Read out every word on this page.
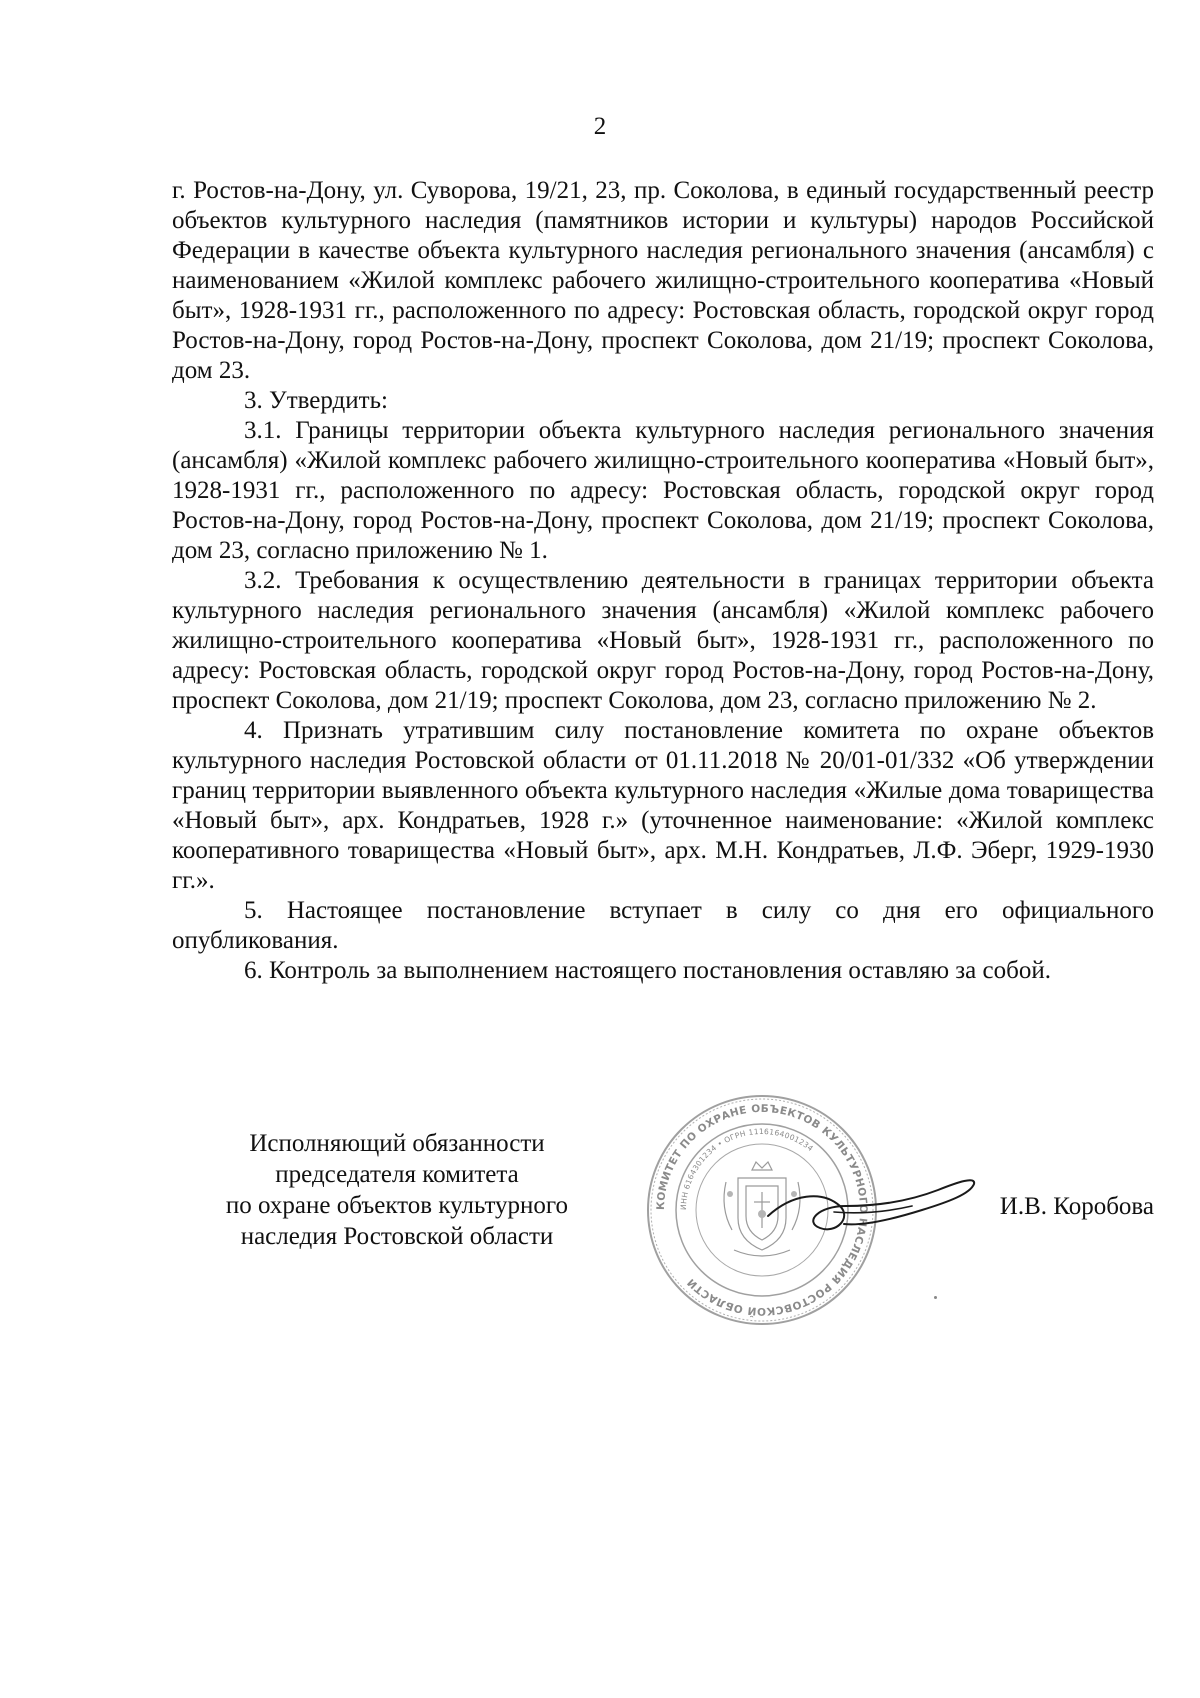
2

г. Ростов-на-Дону, ул. Суворова, 19/21, 23, пр. Соколова, в единый государственный реестр объектов культурного наследия (памятников истории и культуры) народов Российской Федерации в качестве объекта культурного наследия регионального значения (ансамбля) с наименованием «Жилой комплекс рабочего жилищно-строительного кооператива «Новый быт», 1928-1931 гг., расположенного по адресу: Ростовская область, городской округ город Ростов-на-Дону, город Ростов-на-Дону, проспект Соколова, дом 21/19; проспект Соколова, дом 23.

3. Утвердить:

3.1. Границы территории объекта культурного наследия регионального значения (ансамбля) «Жилой комплекс рабочего жилищно-строительного кооператива «Новый быт», 1928-1931 гг., расположенного по адресу: Ростовская область, городской округ город Ростов-на-Дону, город Ростов-на-Дону, проспект Соколова, дом 21/19; проспект Соколова, дом 23, согласно приложению № 1.

3.2. Требования к осуществлению деятельности в границах территории объекта культурного наследия регионального значения (ансамбля) «Жилой комплекс рабочего жилищно-строительного кооператива «Новый быт», 1928-1931 гг., расположенного по адресу: Ростовская область, городской округ город Ростов-на-Дону, город Ростов-на-Дону, проспект Соколова, дом 21/19; проспект Соколова, дом 23, согласно приложению № 2.

4. Признать утратившим силу постановление комитета по охране объектов культурного наследия Ростовской области от 01.11.2018 № 20/01-01/332 «Об утверждении границ территории выявленного объекта культурного наследия «Жилые дома товарищества «Новый быт», арх. Кондратьев, 1928 г.» (уточненное наименование: «Жилой комплекс кооперативного товарищества «Новый быт», арх. М.Н. Кондратьев, Л.Ф. Эберг, 1929-1930 гг.».

5. Настоящее постановление вступает в силу со дня его официального опубликования.

6. Контроль за выполнением настоящего постановления оставляю за собой.

Исполняющий обязанности
председателя комитета
по охране объектов культурного
наследия Ростовской области
КОМИТЕТ ПО ОХРАНЕ ОБЪЕКТОВ КУЛЬТУРНОГО НАСЛЕДИЯ РОСТОВСКОЙ ОБЛАСТИ
ИНН 6164301234 • ОГРН 1116164001234
И.В. Коробова
